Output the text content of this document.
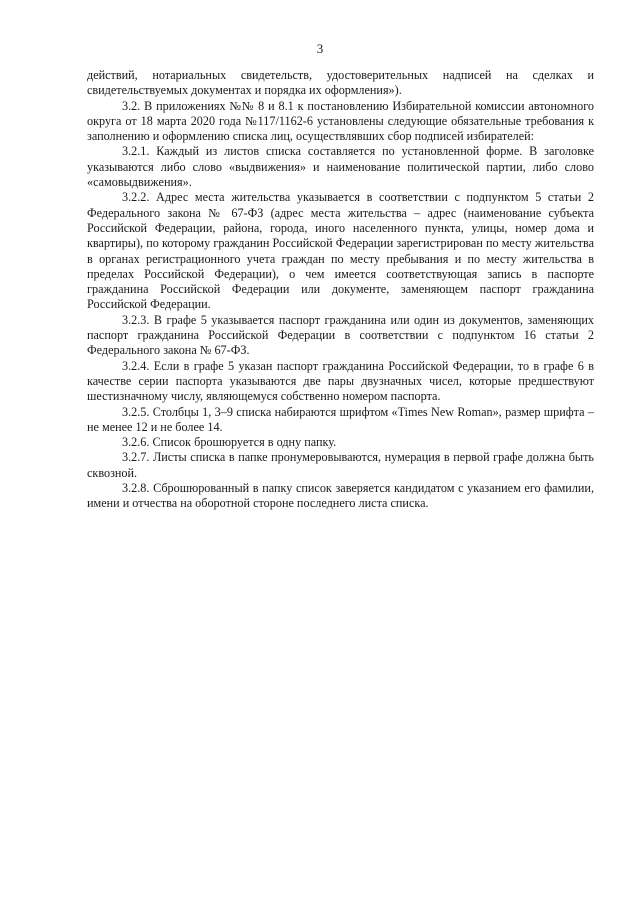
3

действий, нотариальных свидетельств, удостоверительных надписей на сделках и свидетельствуемых документах и порядка их оформления»).

3.2. В приложениях №№ 8 и 8.1 к постановлению Избирательной комиссии автономного округа от 18 марта 2020 года №117/1162-6 установлены следующие обязательные требования к заполнению и оформлению списка лиц, осуществлявших сбор подписей избирателей:

3.2.1. Каждый из листов списка составляется по установленной форме. В заголовке указываются либо слово «выдвижения» и наименование политической партии, либо слово «самовыдвижения».

3.2.2. Адрес места жительства указывается в соответствии с подпунктом 5 статьи 2 Федерального закона № 67-ФЗ (адрес места жительства – адрес (наименование субъекта Российской Федерации, района, города, иного населенного пункта, улицы, номер дома и квартиры), по которому гражданин Российской Федерации зарегистрирован по месту жительства в органах регистрационного учета граждан по месту пребывания и по месту жительства в пределах Российской Федерации), о чем имеется соответствующая запись в паспорте гражданина Российской Федерации или документе, заменяющем паспорт гражданина Российской Федерации.

3.2.3. В графе 5 указывается паспорт гражданина или один из документов, заменяющих паспорт гражданина Российской Федерации в соответствии с подпунктом 16 статьи 2 Федерального закона № 67-ФЗ.

3.2.4. Если в графе 5 указан паспорт гражданина Российской Федерации, то в графе 6 в качестве серии паспорта указываются две пары двузначных чисел, которые предшествуют шестизначному числу, являющемуся собственно номером паспорта.

3.2.5. Столбцы 1, 3–9 списка набираются шрифтом «Times New Roman», размер шрифта – не менее 12 и не более 14.

3.2.6. Список брошюруется в одну папку.

3.2.7. Листы списка в папке пронумеровываются, нумерация в первой графе должна быть сквозной.

3.2.8. Сброшюрованный в папку список заверяется кандидатом с указанием его фамилии, имени и отчества на оборотной стороне последнего листа списка.
